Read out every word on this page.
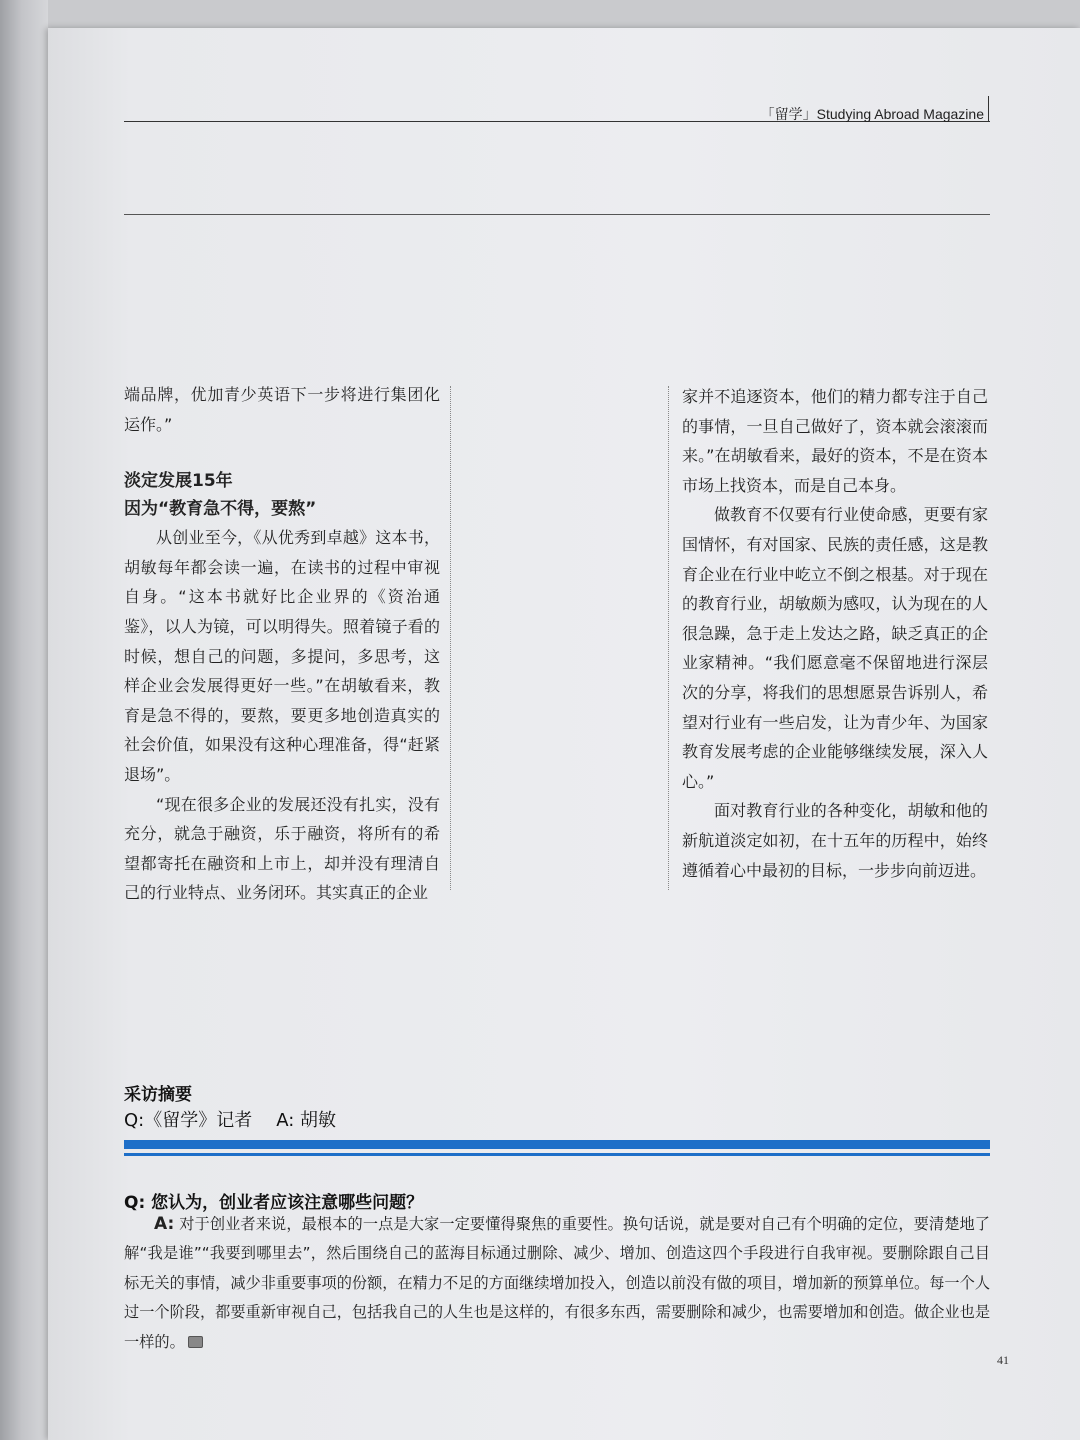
「留学」Studying Abroad Magazine

端品牌，优加青少英语下一步将进行集团化运作。”

淡定发展15年
因为“教育急不得，要熬”

从创业至今，《从优秀到卓越》这本书，胡敏每年都会读一遍，在读书的过程中审视自身。“这本书就好比企业界的《资治通鉴》，以人为镜，可以明得失。照着镜子看的时候，想自己的问题，多提问，多思考，这样企业会发展得更好一些。”在胡敏看来，教育是急不得的，要熬，要更多地创造真实的社会价值，如果没有这种心理准备，得“赶紧退场”。

“现在很多企业的发展还没有扎实，没有充分，就急于融资，乐于融资，将所有的希望都寄托在融资和上市上，却并没有理清自己的行业特点、业务闭环。其实真正的企业

家并不追逐资本，他们的精力都专注于自己的事情，一旦自己做好了，资本就会滚滚而来。”在胡敏看来，最好的资本，不是在资本市场上找资本，而是自己本身。

做教育不仅要有行业使命感，更要有家国情怀，有对国家、民族的责任感，这是教育企业在行业中屹立不倒之根基。对于现在的教育行业，胡敏颇为感叹，认为现在的人很急躁，急于走上发达之路，缺乏真正的企业家精神。“我们愿意毫不保留地进行深层次的分享，将我们的思想愿景告诉别人，希望对行业有一些启发，让为青少年、为国家教育发展考虑的企业能够继续发展，深入人心。”

面对教育行业的各种变化，胡敏和他的新航道淡定如初，在十五年的历程中，始终遵循着心中最初的目标，一步步向前迈进。

采访摘要
Q:《留学》记者 A: 胡敏
Q: 您认为，创业者应该注意哪些问题？
A: 对于创业者来说，最根本的一点是大家一定要懂得聚焦的重要性。换句话说，就是要对自己有个明确的定位，要清楚地了解“我是谁”“我要到哪里去”，然后围绕自己的蓝海目标通过删除、减少、增加、创造这四个手段进行自我审视。要删除跟自己目标无关的事情，减少非重要事项的份额，在精力不足的方面继续增加投入，创造以前没有做的项目，增加新的预算单位。每一个人过一个阶段，都要重新审视自己，包括我自己的人生也是这样的，有很多东西，需要删除和减少，也需要增加和创造。做企业也是一样的。
41
